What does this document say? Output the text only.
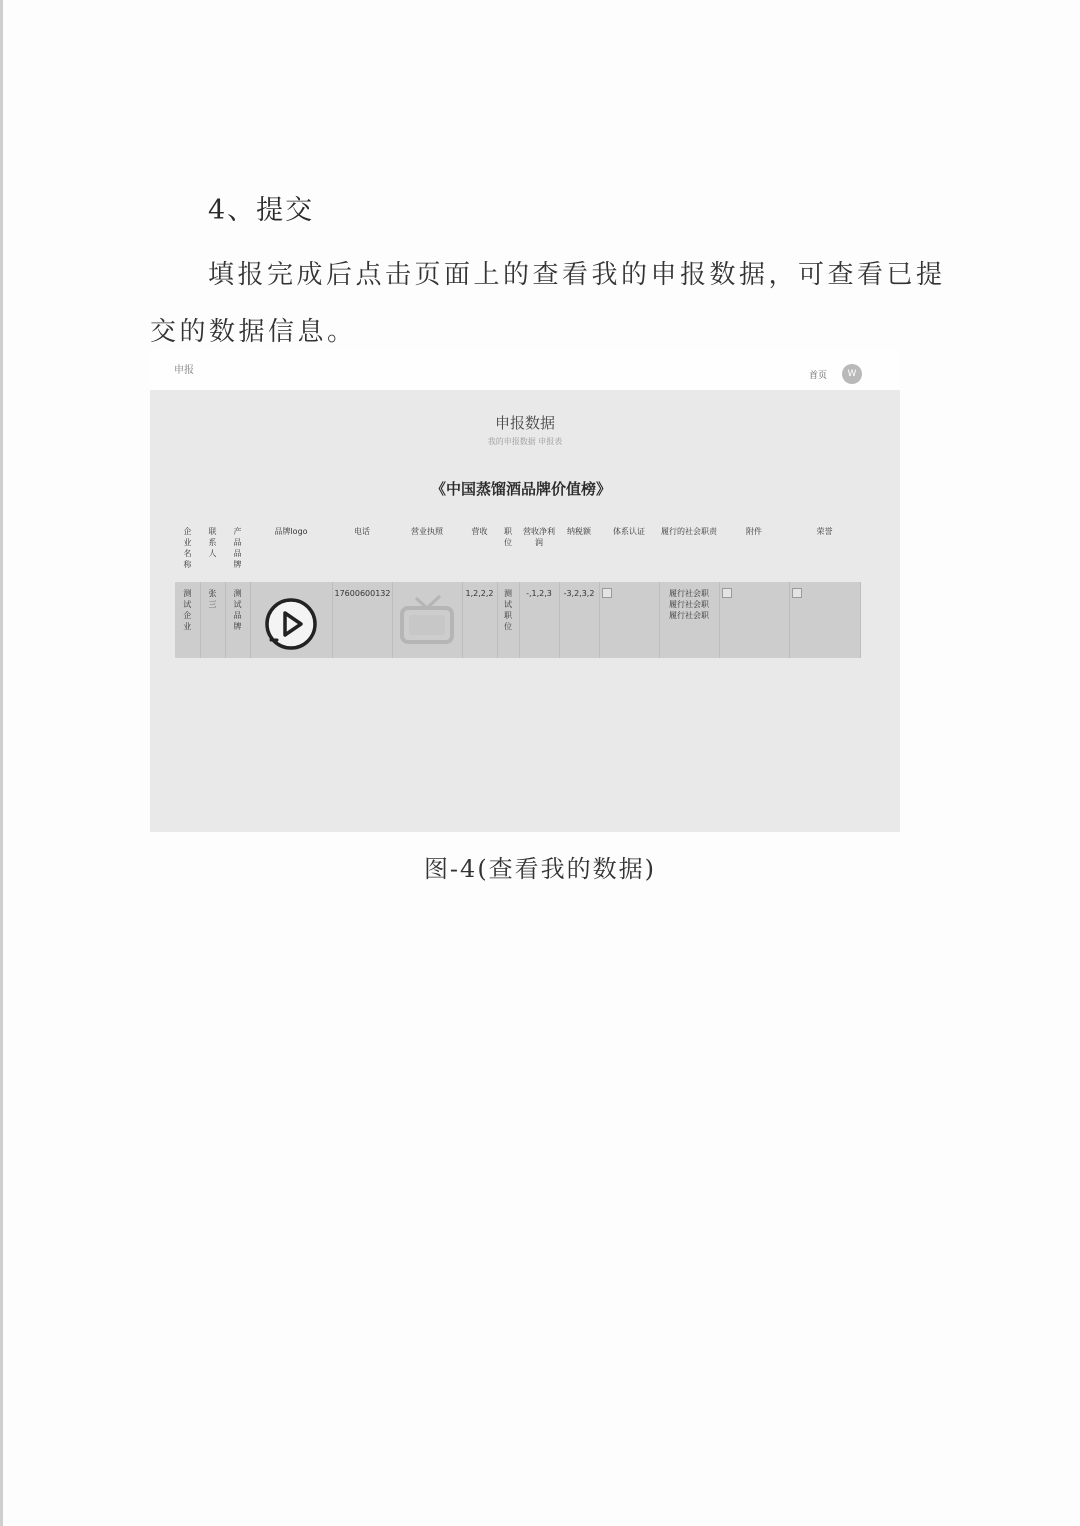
4、提交
填报完成后点击页面上的查看我的申报数据，可查看已提交的数据信息。
申报	首页	W
申报数据
我的申报数据 申报表
《中国蒸馏酒品牌价值榜》
企业名称	联系人	产品品牌	品牌logo	电话	营业执照	营收	职位	营收净利润	纳税额	体系认证	履行的社会职责	附件	荣誉
测试企业	张三	测试品牌		17600600132		1,2,2,2	测试职位	-,1,2,3	-3,2,3,2		履行社会职履行社会职履行社会职		
图-4(查看我的数据)
